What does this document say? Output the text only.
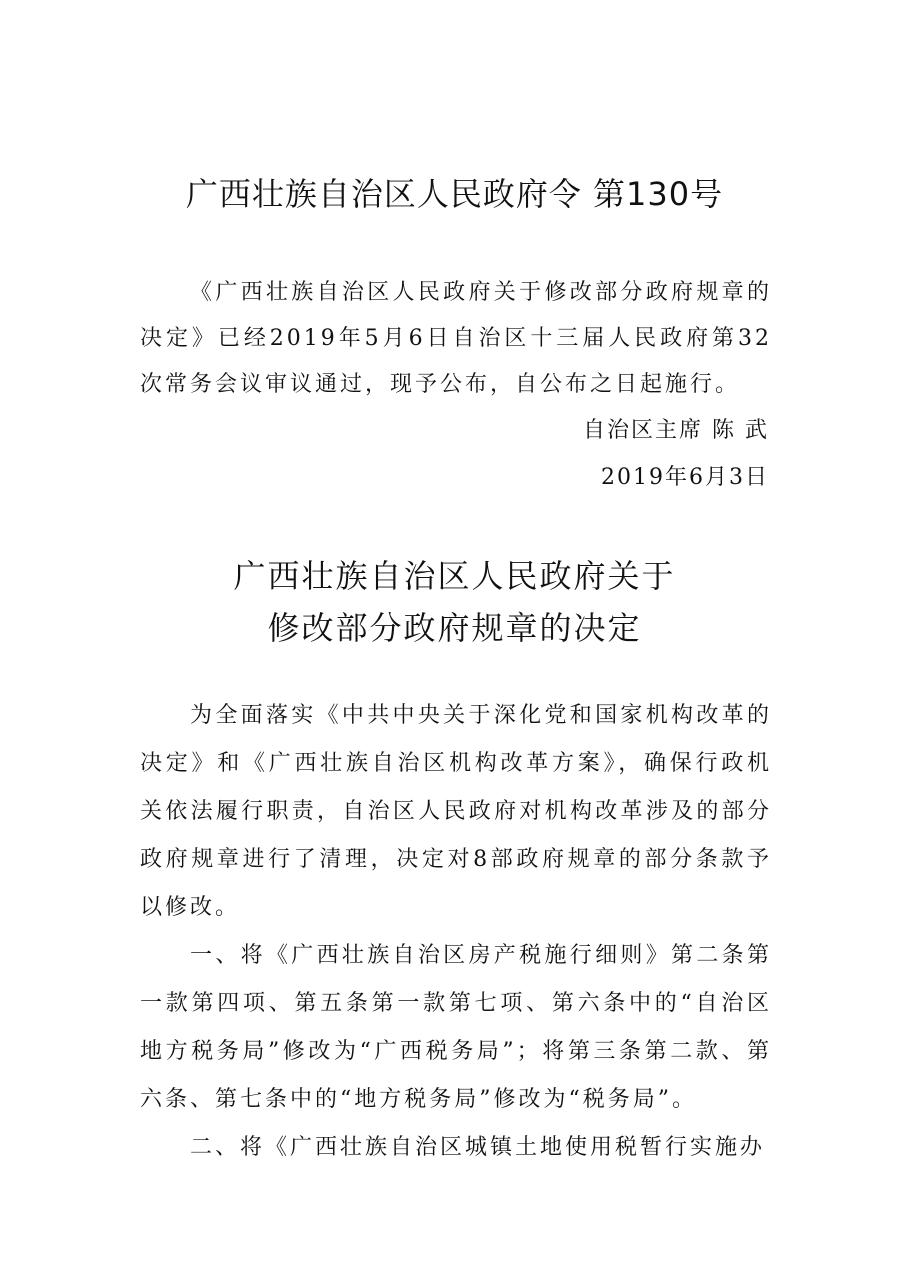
广西壮族自治区人民政府令 第130号

《广西壮族自治区人民政府关于修改部分政府规章的决定》已经2019年5月6日自治区十三届人民政府第32次常务会议审议通过，现予公布，自公布之日起施行。

自治区主席 陈 武

2019年6月3日

广西壮族自治区人民政府关于
修改部分政府规章的决定

为全面落实《中共中央关于深化党和国家机构改革的决定》和《广西壮族自治区机构改革方案》，确保行政机关依法履行职责，自治区人民政府对机构改革涉及的部分政府规章进行了清理，决定对8部政府规章的部分条款予以修改。

一、将《广西壮族自治区房产税施行细则》第二条第一款第四项、第五条第一款第七项、第六条中的“自治区地方税务局”修改为“广西税务局”；将第三条第二款、第六条、第七条中的“地方税务局”修改为“税务局”。

二、将《广西壮族自治区城镇土地使用税暂行实施办
